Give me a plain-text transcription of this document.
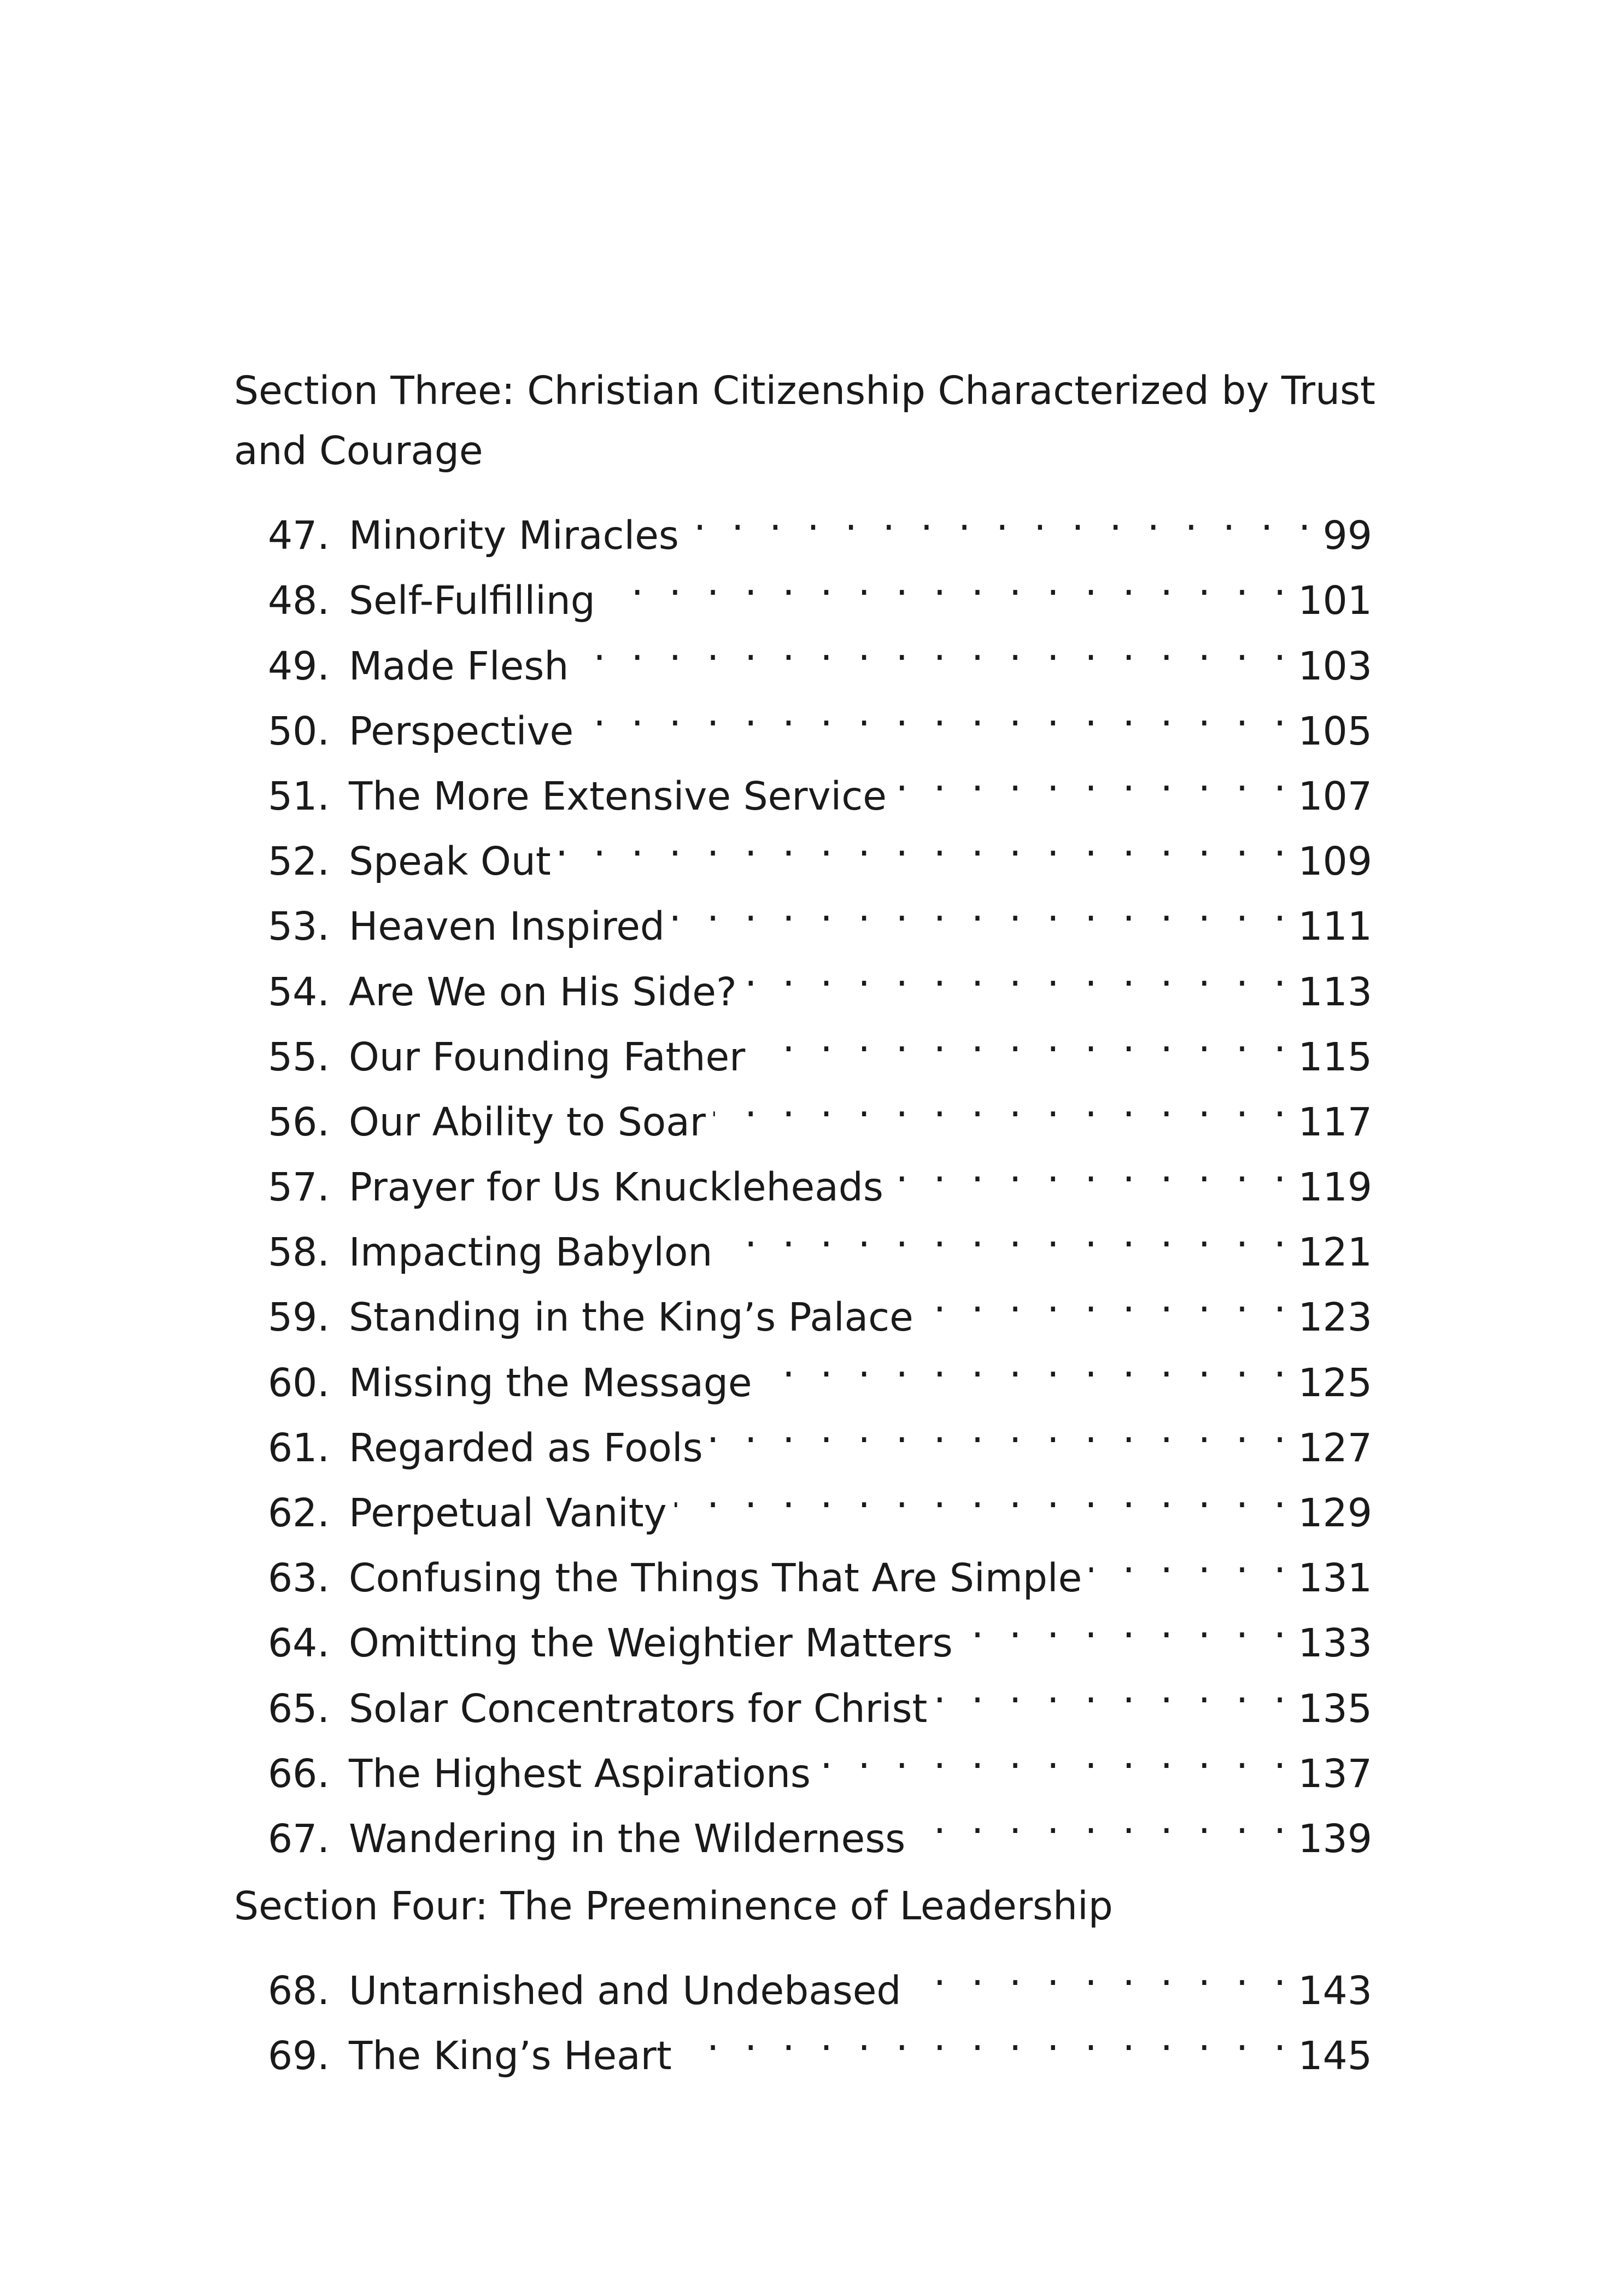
Section Three: Christian Citizenship Characterized by Trust
and Courage
47. Minority Miracles . . .	99
48. Self-Fulfilling . . .	101
49. Made Flesh . . .	103
50. Perspective . . .	105
51. The More Extensive Service . . .	107
52. Speak Out . . .	109
53. Heaven Inspired . . .	111
54. Are We on His Side? . . .	113
55. Our Founding Father . . .	115
56. Our Ability to Soar . . .	117
57. Prayer for Us Knuckleheads . . .	119
58. Impacting Babylon . . .	121
59. Standing in the King’s Palace . . .	123
60. Missing the Message . . .	125
61. Regarded as Fools . . .	127
62. Perpetual Vanity . . .	129
63. Confusing the Things That Are Simple . . .	131
64. Omitting the Weightier Matters . . .	133
65. Solar Concentrators for Christ . . .	135
66. The Highest Aspirations . . .	137
67. Wandering in the Wilderness . . .	139
Section Four: The Preeminence of Leadership
68. Untarnished and Undebased . . .	143
69. The King’s Heart . . .	145
